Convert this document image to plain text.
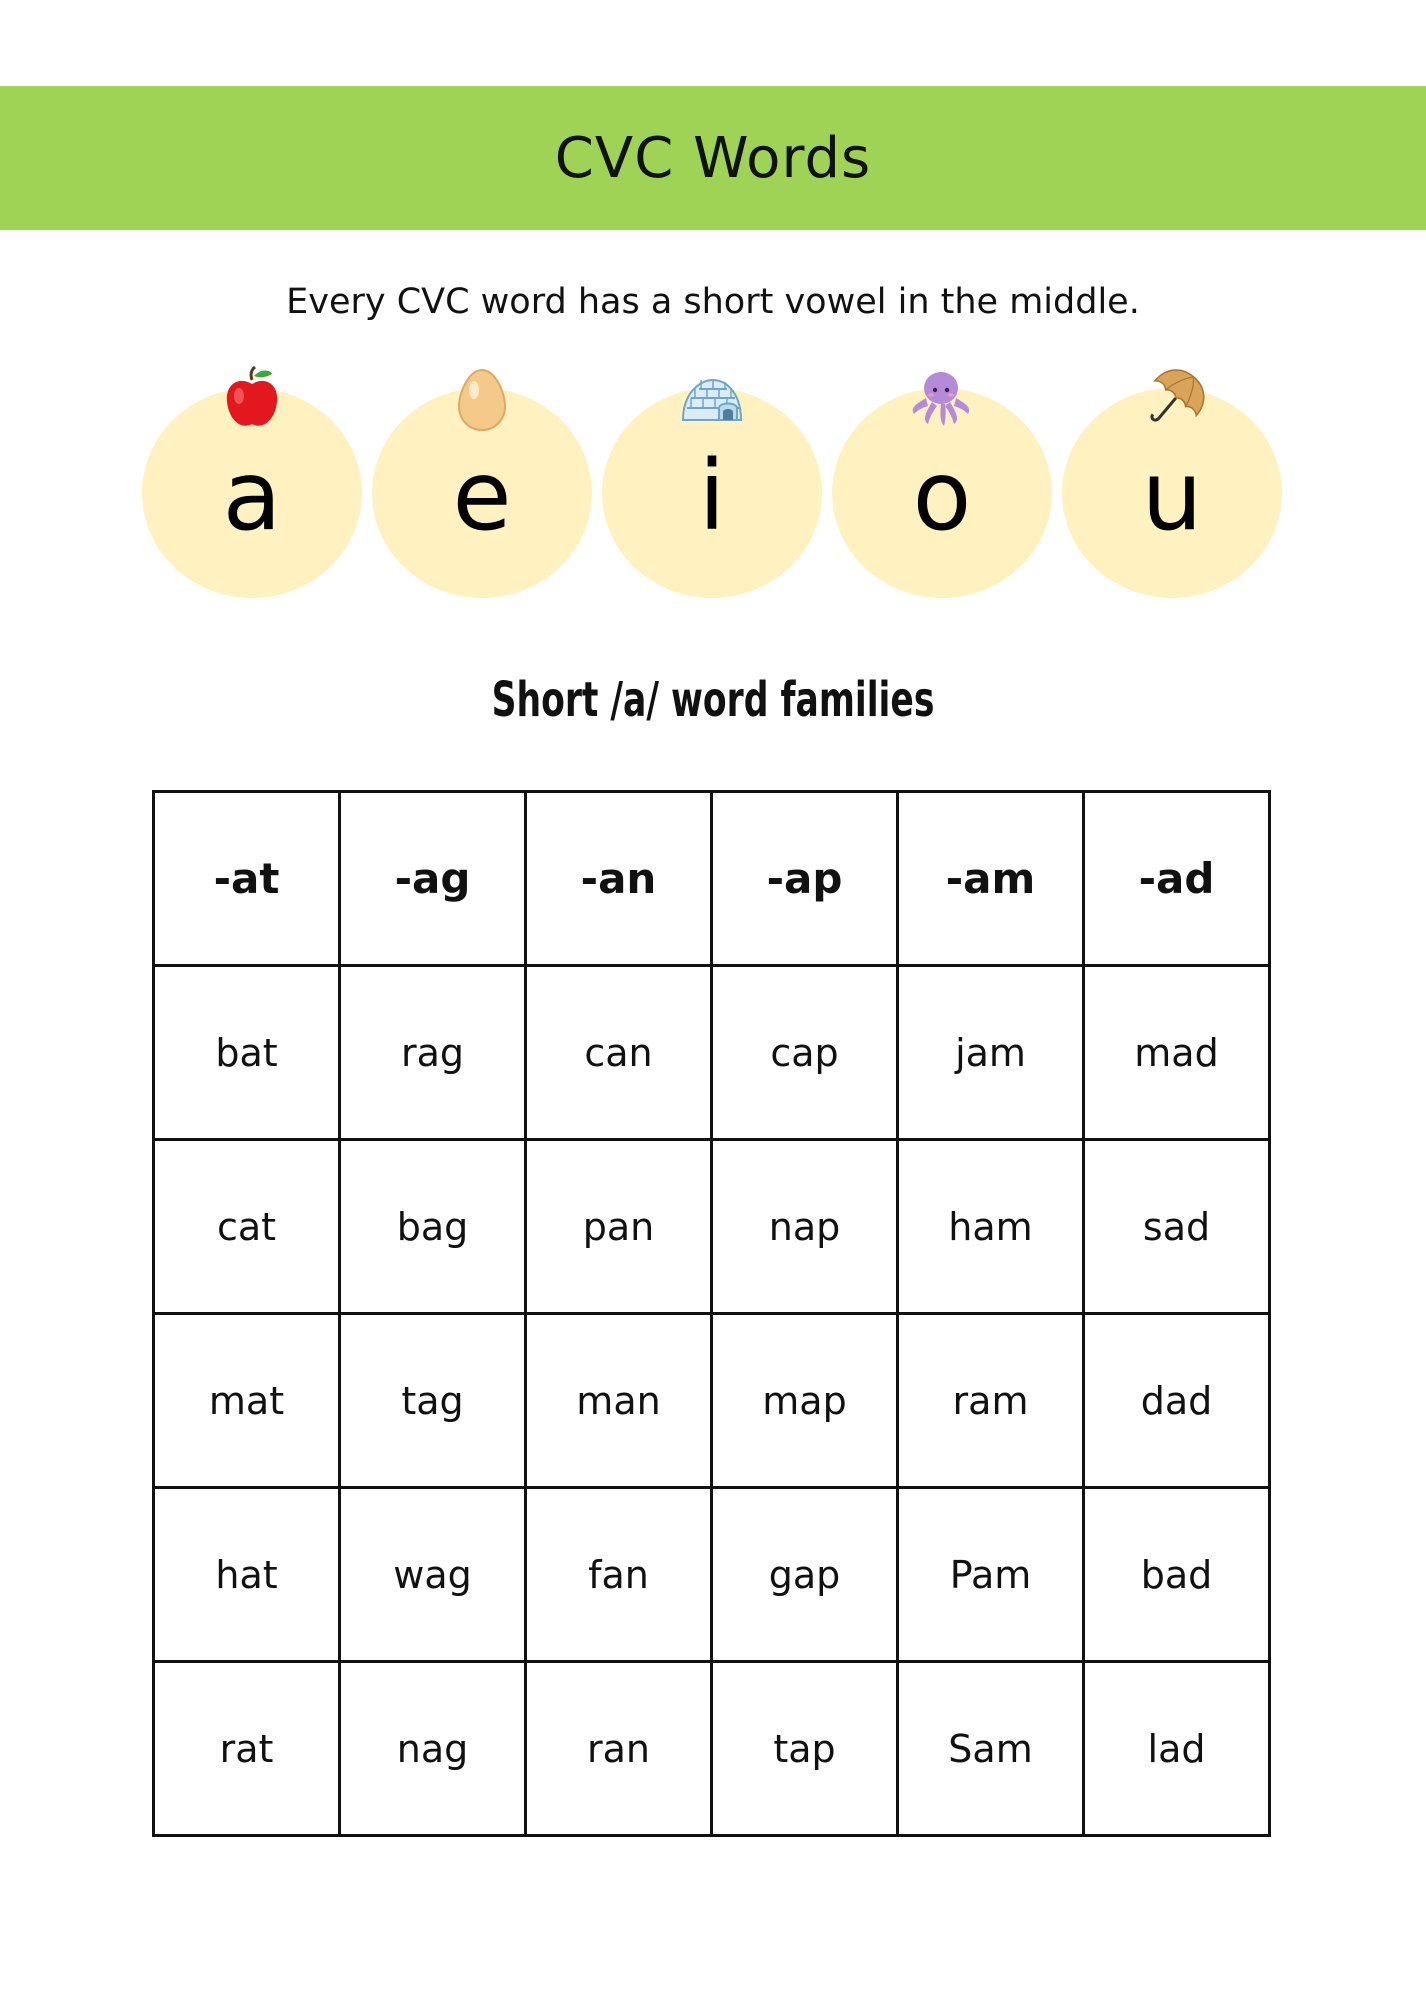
CVC Words
Every CVC word has a short vowel in the middle.
a e i o u
Short /a/ word families
-at	-ag	-an	-ap	-am	-ad
bat	rag	can	cap	jam	mad
cat	bag	pan	nap	ham	sad
mat	tag	man	map	ram	dad
hat	wag	fan	gap	Pam	bad
rat	nag	ran	tap	Sam	lad
